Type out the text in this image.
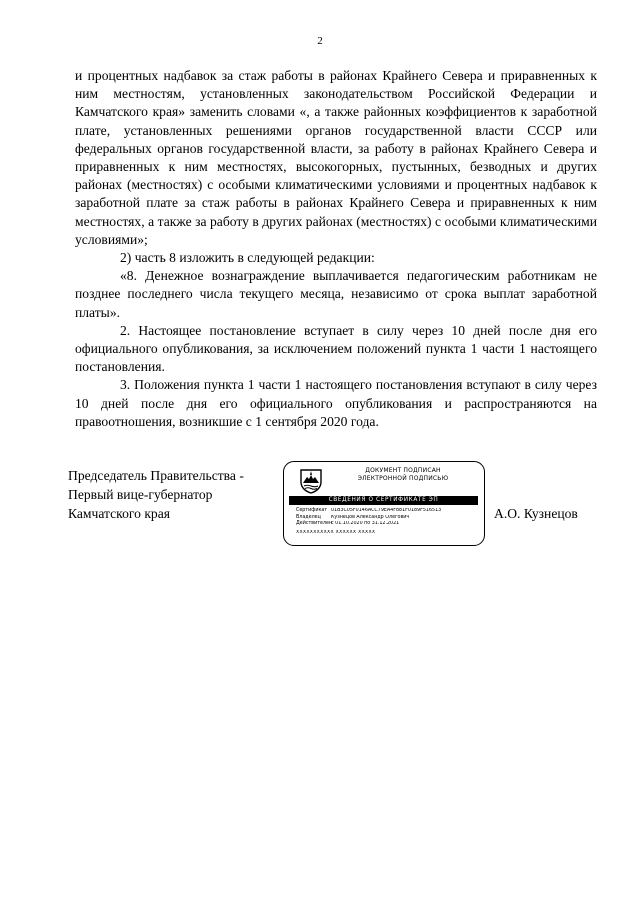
2

и процентных надбавок за стаж работы в районах Крайнего Севера и приравненных к ним местностям, установленных законодательством Российской Федерации и Камчатского края» заменить словами «, а также районных коэффициентов к заработной плате, установленных решениями органов государственной власти СССР или федеральных органов государственной власти, за работу в районах Крайнего Севера и приравненных к ним местностях, высокогорных, пустынных, безводных и других районах (местностях) с особыми климатическими условиями и процентных надбавок к заработной плате за стаж работы в районах Крайнего Севера и приравненных к ним местностях, а также за работу в других районах (местностях) с особыми климатическими условиями»;

2) часть 8 изложить в следующей редакции:

«8. Денежное вознаграждение выплачивается педагогическим работникам не позднее последнего числа текущего месяца, независимо от срока выплат заработной платы».

2. Настоящее постановление вступает в силу через 10 дней после дня его официального опубликования, за исключением положений пункта 1 части 1 настоящего постановления.

3. Положения пункта 1 части 1 настоящего постановления вступают в силу через 10 дней после дня его официального опубликования и распространяются на правоотношения, возникшие с 1 сентября 2020 года.

Председатель Правительства -
Первый вице-губернатор
Камчатского края
ДОКУМЕНТ ПОДПИСАН
ЭЛЕКТРОННОЙ ПОДПИСЬЮ
СВЕДЕНИЯ О СЕРТИФИКАТЕ ЭП
Сертификат 01B3C05F0146ACC79EA4F881F0189F516513
Владелец	Кузнецов Александр Олегович
Действителен
с 01.10.2020 по 31.12.2021
ХХХХХХХХХХХ ХХХХХХ ХХХХХ
А.О. Кузнецов
